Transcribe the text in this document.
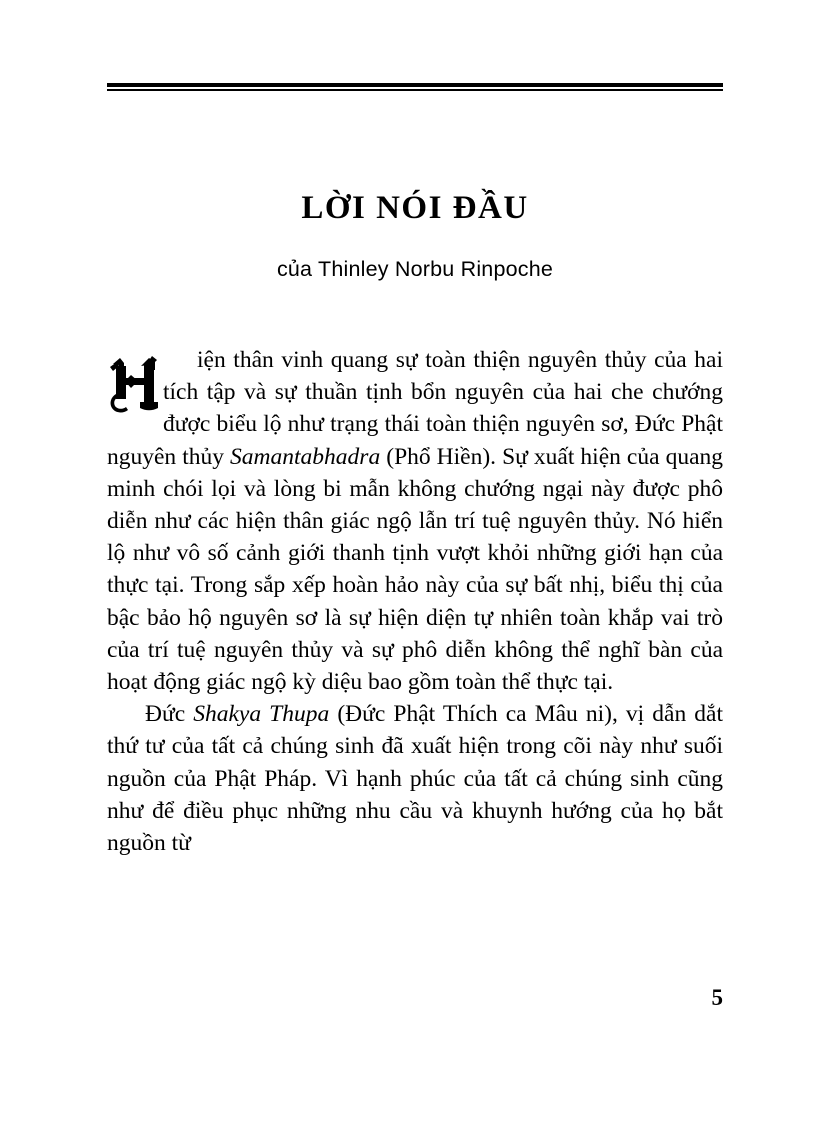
LỜI NÓI ĐẦU

của Thinley Norbu Rinpoche

iện thân vinh quang sự toàn thiện nguyên thủy của hai tích tập và sự thuần tịnh bổn nguyên của hai che chướng được biểu lộ như trạng thái toàn thiện nguyên sơ, Đức Phật nguyên thủy Samantabhadra (Phổ Hiền). Sự xuất hiện của quang minh chói lọi và lòng bi mẫn không chướng ngại này được phô diễn như các hiện thân giác ngộ lẫn trí tuệ nguyên thủy. Nó hiển lộ như vô số cảnh giới thanh tịnh vượt khỏi những giới hạn của thực tại. Trong sắp xếp hoàn hảo này của sự bất nhị, biểu thị của bậc bảo hộ nguyên sơ là sự hiện diện tự nhiên toàn khắp vai trò của trí tuệ nguyên thủy và sự phô diễn không thể nghĩ bàn của hoạt động giác ngộ kỳ diệu bao gồm toàn thể thực tại.

Đức Shakya Thupa (Đức Phật Thích ca Mâu ni), vị dẫn dắt thứ tư của tất cả chúng sinh đã xuất hiện trong cõi này như suối nguồn của Phật Pháp. Vì hạnh phúc của tất cả chúng sinh cũng như để điều phục những nhu cầu và khuynh hướng của họ bắt nguồn từ

5
